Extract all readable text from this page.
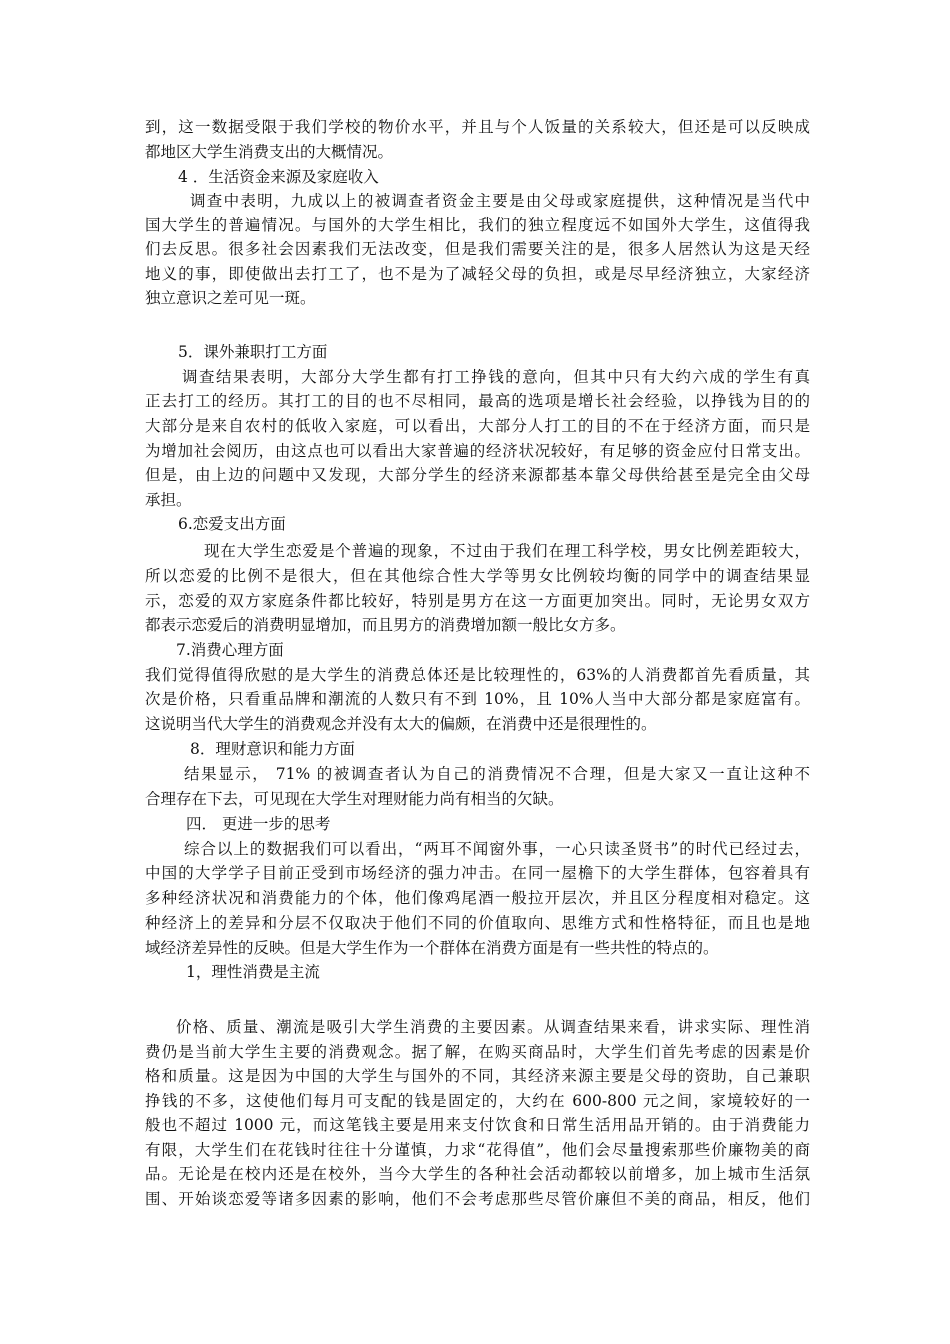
到，这一数据受限于我们学校的物价水平，并且与个人饭量的关系较大，但还是可以反映成
都地区大学生消费支出的大概情况。
4 ．生活资金来源及家庭收入
调查中表明，九成以上的被调查者资金主要是由父母或家庭提供，这种情况是当代中
国大学生的普遍情况。与国外的大学生相比，我们的独立程度远不如国外大学生，这值得我
们去反思。很多社会因素我们无法改变，但是我们需要关注的是，很多人居然认为这是天经
地义的事，即使做出去打工了，也不是为了减轻父母的负担，或是尽早经济独立，大家经济
独立意识之差可见一斑。
5．课外兼职打工方面
调查结果表明，大部分大学生都有打工挣钱的意向，但其中只有大约六成的学生有真
正去打工的经历。其打工的目的也不尽相同，最高的选项是增长社会经验，以挣钱为目的的
大部分是来自农村的低收入家庭，可以看出，大部分人打工的目的不在于经济方面，而只是
为增加社会阅历，由这点也可以看出大家普遍的经济状况较好，有足够的资金应付日常支出。
但是，由上边的问题中又发现，大部分学生的经济来源都基本靠父母供给甚至是完全由父母
承担。
6.恋爱支出方面
现在大学生恋爱是个普遍的现象，不过由于我们在理工科学校，男女比例差距较大，
所以恋爱的比例不是很大，但在其他综合性大学等男女比例较均衡的同学中的调查结果显
示，恋爱的双方家庭条件都比较好，特别是男方在这一方面更加突出。同时，无论男女双方
都表示恋爱后的消费明显增加，而且男方的消费增加额一般比女方多。
7.消费心理方面
我们觉得值得欣慰的是大学生的消费总体还是比较理性的，63%的人消费都首先看质量，其
次是价格，只看重品牌和潮流的人数只有不到 10%，且 10%人当中大部分都是家庭富有。
这说明当代大学生的消费观念并没有太大的偏颇，在消费中还是很理性的。
8．理财意识和能力方面
结果显示， 71% 的被调查者认为自己的消费情况不合理，但是大家又一直让这种不
合理存在下去，可见现在大学生对理财能力尚有相当的欠缺。
四． 更进一步的思考
综合以上的数据我们可以看出，“两耳不闻窗外事，一心只读圣贤书”的时代已经过去，
中国的大学学子目前正受到市场经济的强力冲击。在同一屋檐下的大学生群体，包容着具有
多种经济状况和消费能力的个体，他们像鸡尾酒一般拉开层次，并且区分程度相对稳定。这
种经济上的差异和分层不仅取决于他们不同的价值取向、思维方式和性格特征，而且也是地
域经济差异性的反映。但是大学生作为一个群体在消费方面是有一些共性的特点的。
1，理性消费是主流
价格、质量、潮流是吸引大学生消费的主要因素。从调查结果来看，讲求实际、理性消
费仍是当前大学生主要的消费观念。据了解，在购买商品时，大学生们首先考虑的因素是价
格和质量。这是因为中国的大学生与国外的不同，其经济来源主要是父母的资助，自己兼职
挣钱的不多，这使他们每月可支配的钱是固定的，大约在 600-800 元之间，家境较好的一
般也不超过 1000 元，而这笔钱主要是用来支付饮食和日常生活用品开销的。由于消费能力
有限，大学生们在花钱时往往十分谨慎，力求“花得值”，他们会尽量搜索那些价廉物美的商
品。无论是在校内还是在校外，当今大学生的各种社会活动都较以前增多，加上城市生活氛
围、开始谈恋爱等诸多因素的影响，他们不会考虑那些尽管价廉但不美的商品，相反，他们
